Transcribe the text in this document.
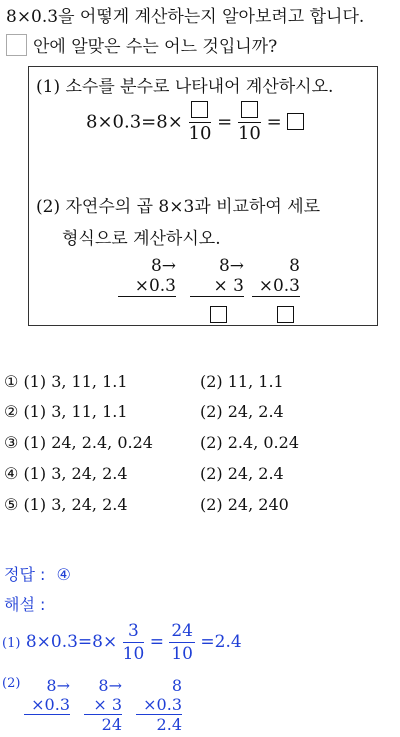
8×0.3을 어떻게 계산하는지 알아보려고 합니다.
안에 알맞은 수는 어느 것입니까?
(1) 소수를 분수로 나타내어 계산하시오.
8×0.3=8×
10
=
10
=
(2) 자연수의 곱 8×3과 비교하여 세로
형식으로 계산하시오.
8→
×0.3
8→
× 3
8
×0.3
① (1) 3, 11, 1.1	(2) 11, 1.1
② (1) 3, 11, 1.1	(2) 24, 2.4
③ (1) 24, 2.4, 0.24	(2) 2.4, 0.24
④ (1) 3, 24, 2.4	(2) 24, 2.4
⑤ (1) 3, 24, 2.4	(2) 24, 240
정답 : ④
해설 :
(1) $8\times 0.3=8\times \frac{3}{10} = \frac{24}{10} =2.4$
(2)	8→
×0.3
8→
× 3
24
8
×0.3
2.4
